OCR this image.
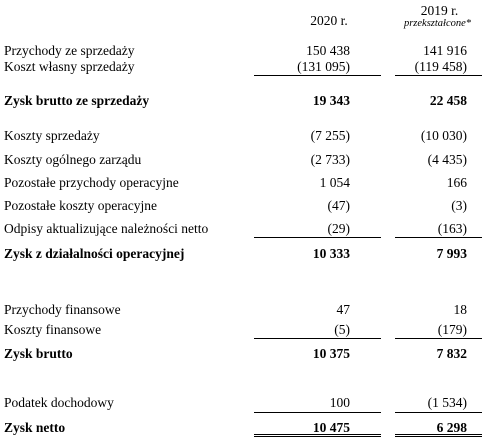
2020 r.
2019 r.
przekształcone*
Przychody ze sprzedaży	150 438	141 916
Koszt własny sprzedaży	(131 095)	(119 458)
Zysk brutto ze sprzedaży	19 343	22 458
Koszty sprzedaży	(7 255)	(10 030)
Koszty ogólnego zarządu	(2 733)	(4 435)
Pozostałe przychody operacyjne	1 054	166
Pozostałe koszty operacyjne	(47)	(3)
Odpisy aktualizujące należności netto	(29)	(163)
Zysk z działalności operacyjnej	10 333	7 993
Przychody finansowe	47	18
Koszty finansowe	(5)	(179)
Zysk brutto	10 375	7 832
Podatek dochodowy	100	(1 534)
Zysk netto	10 475	6 298
